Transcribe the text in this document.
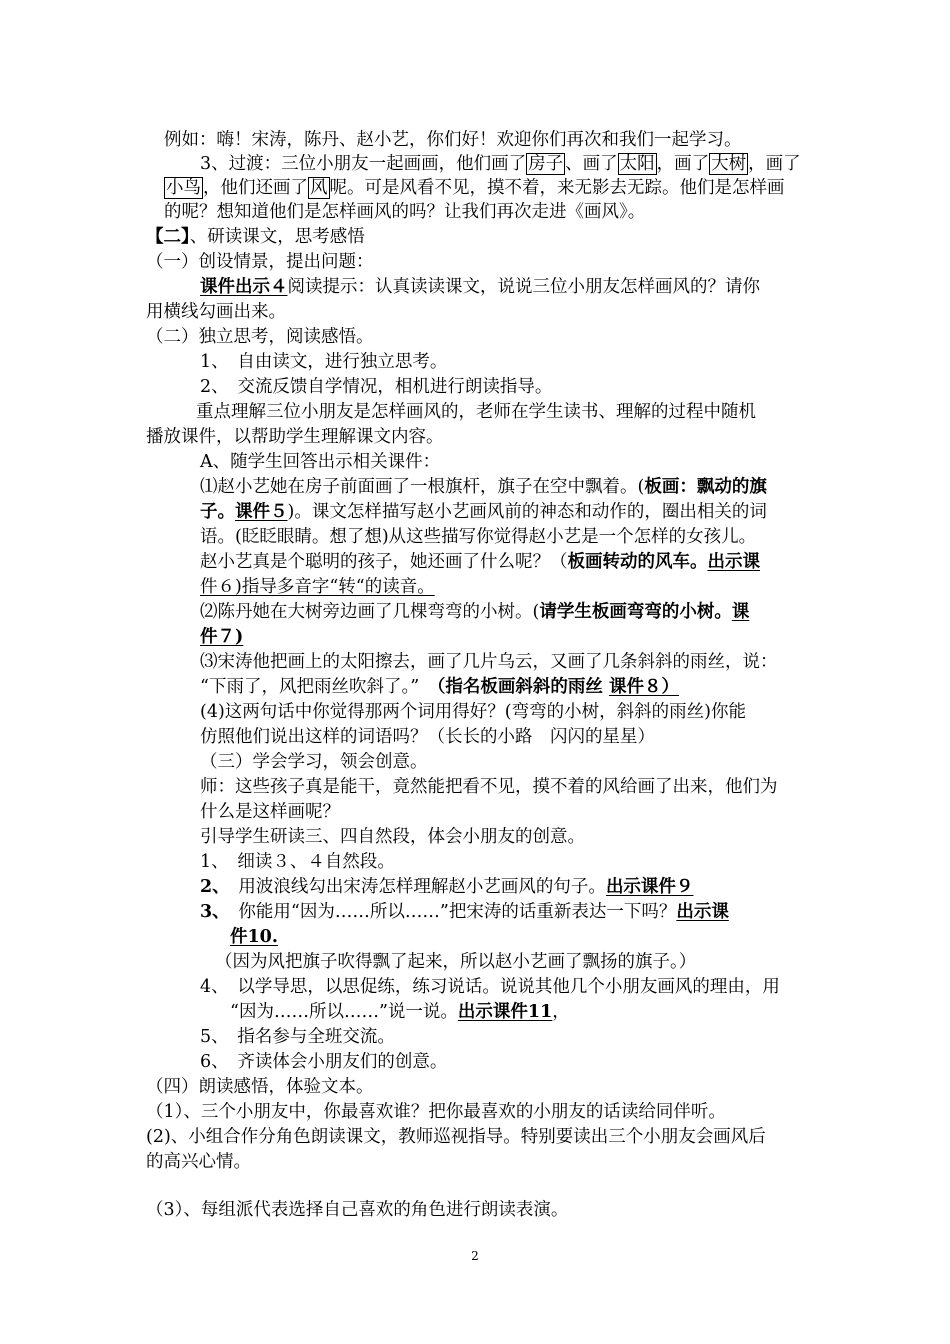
例如：嗨！宋涛，陈丹、赵小艺，你们好！欢迎你们再次和我们一起学习。
3、过渡：三位小朋友一起画画，他们画了 房子 、画了 太阳 ，画了 大树 ，画了
小鸟 ，他们还画了 风 呢。可是风看不见，摸不着，来无影去无踪。他们是怎样画
的呢？想知道他们是怎样画风的吗？让我们再次走进《画风》。
【二】、研读课文，思考感悟
（一）创设情景，提出问题：
课件出示４阅读提示：认真读读课文，说说三位小朋友怎样画风的？请你
用横线勾画出来。
（二）独立思考，阅读感悟。
1、　自由读文，进行独立思考。
2、　交流反馈自学情况，相机进行朗读指导。
重点理解三位小朋友是怎样画风的，老师在学生读书、理解的过程中随机
播放课件，以帮助学生理解课文内容。
A、随学生回答出示相关课件：
⑴赵小艺她在房子前面画了一根旗杆，旗子在空中飘着。(板画：飘动的旗
子。课件５)。课文怎样描写赵小艺画风前的神态和动作的，圈出相关的词
语。(眨眨眼睛。想了想)从这些描写你觉得赵小艺是一个怎样的女孩儿。
赵小艺真是个聪明的孩子，她还画了什么呢？（板画转动的风车。出示课
件６)指导多音字“转“的读音。
⑵陈丹她在大树旁边画了几棵弯弯的小树。(请学生板画弯弯的小树。课
件７)
⑶宋涛他把画上的太阳擦去，画了几片乌云，又画了几条斜斜的雨丝，说：
“下雨了，风把雨丝吹斜了。”　（指名板画斜斜的雨丝 课件８）
(4)这两句话中你觉得那两个词用得好？(弯弯的小树，斜斜的雨丝)你能
仿照他们说出这样的词语吗？（长长的小路　闪闪的星星）
（三）学会学习，领会创意。
师：这些孩子真是能干，竟然能把看不见，摸不着的风给画了出来，他们为
什么是这样画呢？
引导学生研读三、四自然段，体会小朋友的创意。
1、　细读３、４自然段。
2、　用波浪线勾出宋涛怎样理解赵小艺画风的句子。出示课件９
3、　你能用“因为……所以……”把宋涛的话重新表达一下吗？出示课
件10.
（因为风把旗子吹得飘了起来，所以赵小艺画了飘扬的旗子。）
4、　以学导思，以思促练，练习说话。说说其他几个小朋友画风的理由，用
“因为……所以……”说一说。出示课件11，
5、　指名参与全班交流。
6、　齐读体会小朋友们的创意。
（四）朗读感悟，体验文本。
（1）、三个小朋友中，你最喜欢谁？把你最喜欢的小朋友的话读给同伴听。
(2)、小组合作分角色朗读课文，教师巡视指导。特别要读出三个小朋友会画风后
的高兴心情。
（3）、每组派代表选择自己喜欢的角色进行朗读表演。
2
